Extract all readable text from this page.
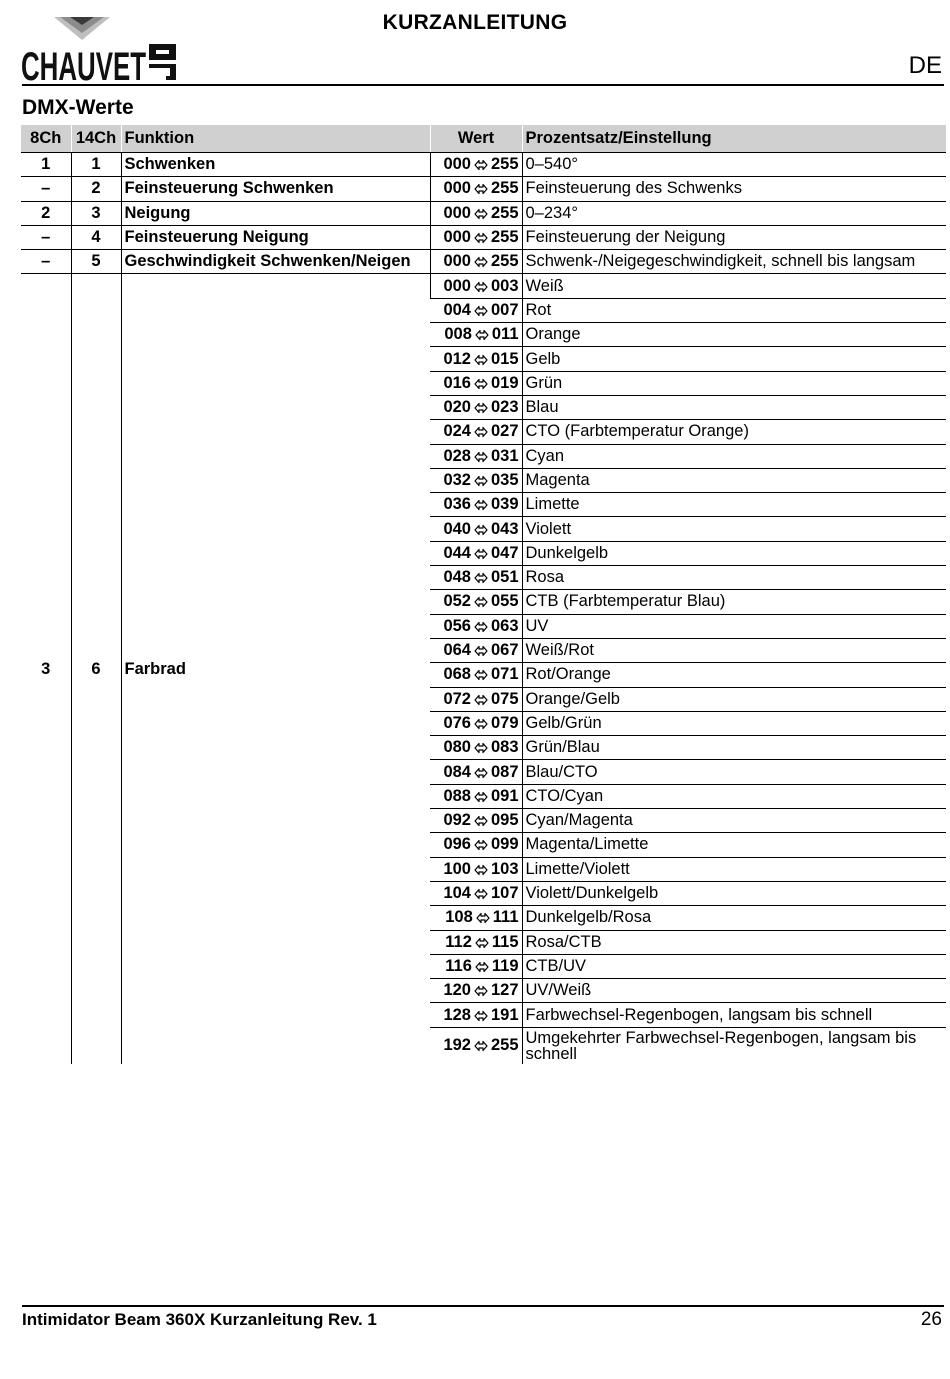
CHAUVET
KURZANLEITUNG
DE
DMX-Werte
8Ch	14Ch	Funktion	Wert	Prozentsatz/Einstellung
1	1	Schwenken	000 255	0–540°
–	2	Feinsteuerung Schwenken	000 255	Feinsteuerung des Schwenks
2	3	Neigung	000 255	0–234°
–	4	Feinsteuerung Neigung	000 255	Feinsteuerung der Neigung
–	5	Geschwindigkeit Schwenken/Neigen	000 255	Schwenk-/Neigegeschwindigkeit, schnell bis langsam
3	6	Farbrad	000 003	Weiß
			004 007	Rot
			008 011	Orange
			012 015	Gelb
			016 019	Grün
			020 023	Blau
			024 027	CTO (Farbtemperatur Orange)
			028 031	Cyan
			032 035	Magenta
			036 039	Limette
			040 043	Violett
			044 047	Dunkelgelb
			048 051	Rosa
			052 055	CTB (Farbtemperatur Blau)
			056 063	UV
			064 067	Weiß/Rot
			068 071	Rot/Orange
			072 075	Orange/Gelb
			076 079	Gelb/Grün
			080 083	Grün/Blau
			084 087	Blau/CTO
			088 091	CTO/Cyan
			092 095	Cyan/Magenta
			096 099	Magenta/Limette
			100 103	Limette/Violett
			104 107	Violett/Dunkelgelb
			108 111	Dunkelgelb/Rosa
			112 115	Rosa/CTB
			116 119	CTB/UV
			120 127	UV/Weiß
			128 191	Farbwechsel-Regenbogen, langsam bis schnell
			192 255	Umgekehrter Farbwechsel-Regenbogen, langsam bis schnell
Intimidator Beam 360X Kurzanleitung Rev. 1	26
